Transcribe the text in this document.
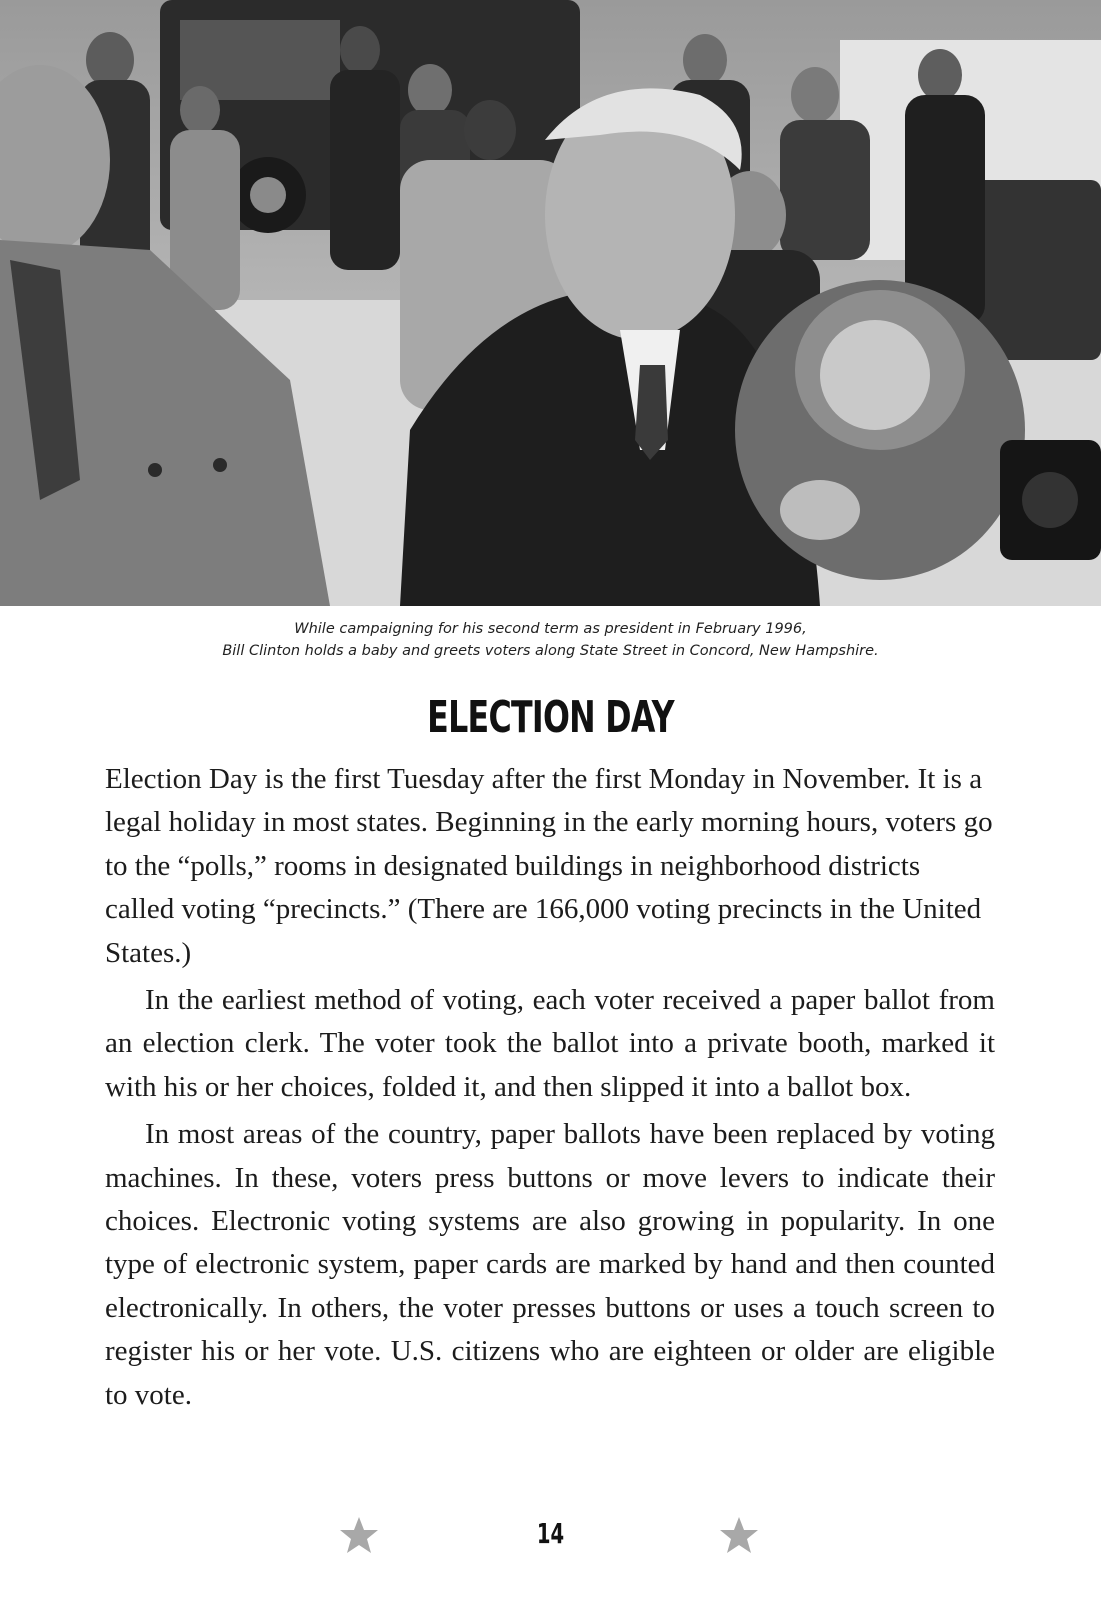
While campaigning for his second term as president in February 1996,
Bill Clinton holds a baby and greets voters along State Street in Concord, New Hampshire.
ELECTION DAY

Election Day is the first Tuesday after the first Monday in November. It is a legal holiday in most states. Beginning in the early morning hours, voters go to the “polls,” rooms in designated buildings in neighborhood districts called voting “precincts.” (There are 166,000 voting precincts in the United States.)

In the earliest method of voting, each voter received a paper ballot from an election clerk. The voter took the ballot into a private booth, marked it with his or her choices, folded it, and then slipped it into a ballot box.

In most areas of the country, paper ballots have been replaced by voting machines. In these, voters press buttons or move levers to indicate their choices. Electronic voting systems are also growing in popularity. In one type of electronic system, paper cards are marked by hand and then counted electronically. In others, the voter presses buttons or uses a touch screen to register his or her vote. U.S. citizens who are eighteen or older are eligible to vote.

14
